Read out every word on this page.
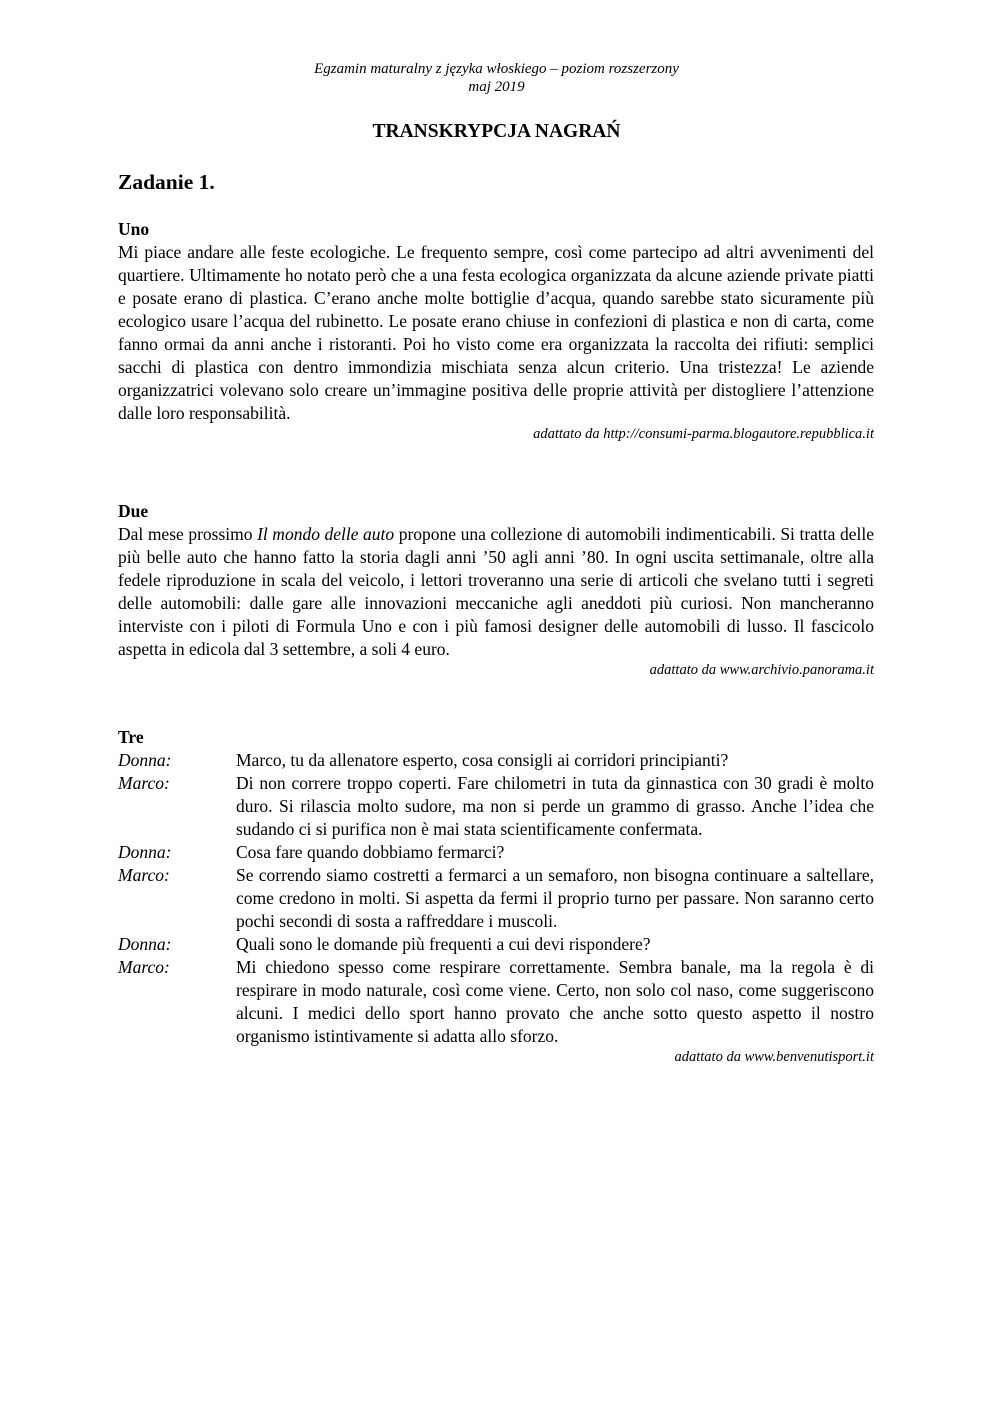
Egzamin maturalny z języka włoskiego – poziom rozszerzony
maj 2019
TRANSKRYPCJA NAGRAŃ
Zadanie 1.

Uno

Mi piace andare alle feste ecologiche. Le frequento sempre, così come partecipo ad altri avvenimenti del quartiere. Ultimamente ho notato però che a una festa ecologica organizzata da alcune aziende private piatti e posate erano di plastica. C’erano anche molte bottiglie d’acqua, quando sarebbe stato sicuramente più ecologico usare l’acqua del rubinetto. Le posate erano chiuse in confezioni di plastica e non di carta, come fanno ormai da anni anche i ristoranti. Poi ho visto come era organizzata la raccolta dei rifiuti: semplici sacchi di plastica con dentro immondizia mischiata senza alcun criterio. Una tristezza! Le aziende organizzatrici volevano solo creare un’immagine positiva delle proprie attività per distogliere l’attenzione dalle loro responsabilità.

adattato da http://consumi-parma.blogautore.repubblica.it

Due

Dal mese prossimo Il mondo delle auto propone una collezione di automobili indimenticabili. Si tratta delle più belle auto che hanno fatto la storia dagli anni ’50 agli anni ’80. In ogni uscita settimanale, oltre alla fedele riproduzione in scala del veicolo, i lettori troveranno una serie di articoli che svelano tutti i segreti delle automobili: dalle gare alle innovazioni meccaniche agli aneddoti più curiosi. Non mancheranno interviste con i piloti di Formula Uno e con i più famosi designer delle automobili di lusso. Il fascicolo aspetta in edicola dal 3 settembre, a soli 4 euro.

adattato da www.archivio.panorama.it

Tre

Donna:	Marco, tu da allenatore esperto, cosa consigli ai corridori principianti?
Marco:	Di non correre troppo coperti. Fare chilometri in tuta da ginnastica con 30 gradi è molto duro. Si rilascia molto sudore, ma non si perde un grammo di grasso. Anche l’idea che sudando ci si purifica non è mai stata scientificamente confermata.
Donna:	Cosa fare quando dobbiamo fermarci?
Marco:	Se correndo siamo costretti a fermarci a un semaforo, non bisogna continuare a saltellare, come credono in molti. Si aspetta da fermi il proprio turno per passare. Non saranno certo pochi secondi di sosta a raffreddare i muscoli.
Donna:	Quali sono le domande più frequenti a cui devi rispondere?
Marco:	Mi chiedono spesso come respirare correttamente. Sembra banale, ma la regola è di respirare in modo naturale, così come viene. Certo, non solo col naso, come suggeriscono alcuni. I medici dello sport hanno provato che anche sotto questo aspetto il nostro organismo istintivamente si adatta allo sforzo.

adattato da www.benvenutisport.it
